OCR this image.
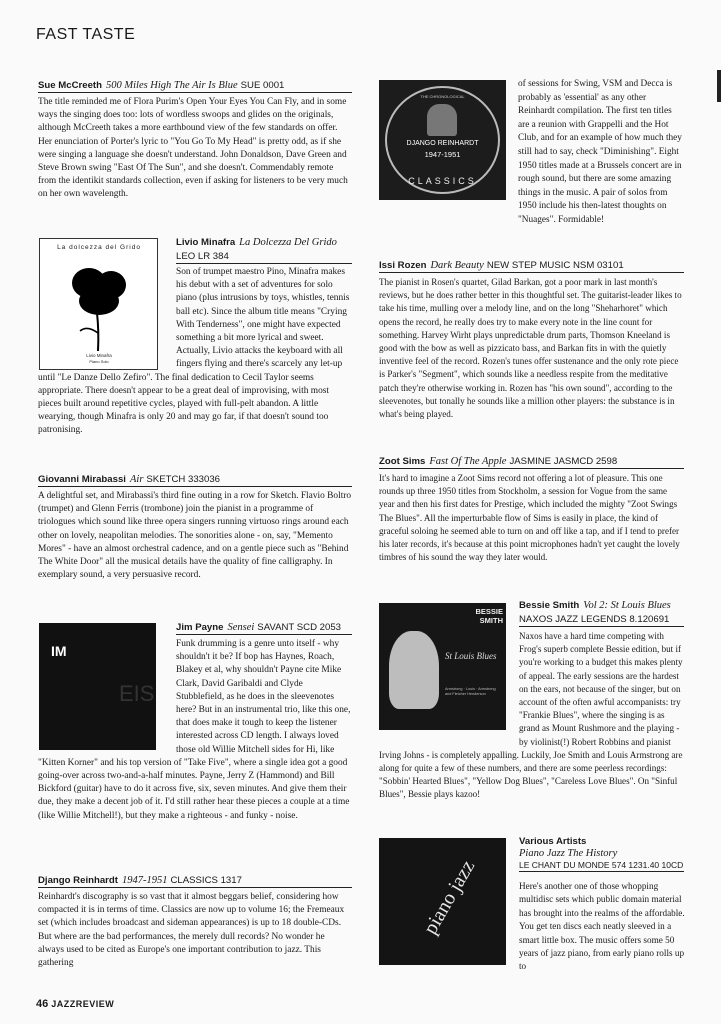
FAST TASTE
Sue McCreeth 500 Miles High The Air Is Blue SUE 0001
The title reminded me of Flora Purim's Open Your Eyes You Can Fly, and in some ways the singing does too: lots of wordless swoops and glides on the originals, although McCreeth takes a more earthbound view of the few standards on offer. Her enunciation of Porter's lyric to "You Go To My Head" is pretty odd, as if she were singing a language she doesn't understand. John Donaldson, Dave Green and Steve Brown swing "East Of The Sun", and she doesn't. Commendably remote from the identikit standards collection, even if asking for listeners to be very much on her own wavelength.
La dolcezza del Grido
Livio Minafra
Piano Solo
Livio Minafra La Dolcezza Del Grido
LEO LR 384
Son of trumpet maestro Pino, Minafra makes his debut with a set of adventures for solo piano (plus intrusions by toys, whistles, tennis ball etc). Since the album title means "Crying With Tenderness", one might have expected something a bit more lyrical and sweet. Actually, Livio attacks the keyboard with all fingers flying and there's scarcely any let-up until "Le Danze Dello Zefiro". The final dedication to Cecil Taylor seems appropriate. There doesn't appear to be a great deal of improvising, with most pieces built around repetitive cycles, played with full-pelt abandon. A little wearying, though Minafra is only 20 and may go far, if that doesn't sound too patronising.
Giovanni Mirabassi Air SKETCH 333036
A delightful set, and Mirabassi's third fine outing in a row for Sketch. Flavio Boltro (trumpet) and Glenn Ferris (trombone) join the pianist in a programme of triologues which sound like three opera singers running virtuoso rings around each other on lovely, neapolitan melodies. The sonorities alone - on, say, "Memento Mores" - have an almost orchestral cadence, and on a gentle piece such as "Behind The White Door" all the musical details have the quality of fine calligraphy. In exemplary sound, a very persuasive record.
IM
EIS
Jim Payne Sensei SAVANT SCD 2053
Funk drumming is a genre unto itself - why shouldn't it be? If bop has Haynes, Roach, Blakey et al, why shouldn't Payne cite Mike Clark, David Garibaldi and Clyde Stubblefield, as he does in the sleevenotes here? But in an instrumental trio, like this one, that does make it tough to keep the listener interested across CD length. I always loved those old Willie Mitchell sides for Hi, like "Kitten Korner" and his top version of "Take Five", where a single idea got a good going-over across two-and-a-half minutes. Payne, Jerry Z (Hammond) and Bill Bickford (guitar) have to do it across five, six, seven minutes. And give them their due, they make a decent job of it. I'd still rather hear these pieces a couple at a time (like Willie Mitchell!), but they make a righteous - and funky - noise.
Django Reinhardt 1947-1951 CLASSICS 1317
Reinhardt's discography is so vast that it almost beggars belief, considering how compacted it is in terms of time. Classics are now up to volume 16; the Fremeaux set (which includes broadcast and sideman appearances) is up to 18 double-CDs. But where are the bad performances, the merely dull records? No wonder he always used to be cited as Europe's one important contribution to jazz. This gathering
THE CHRONOLOGICAL
DJANGO REINHARDT
1947-1951
CLASSICS
of sessions for Swing, VSM and Decca is probably as 'essential' as any other Reinhardt compilation. The first ten titles are a reunion with Grappelli and the Hot Club, and for an example of how much they still had to say, check "Diminishing". Eight 1950 titles made at a Brussels concert are in rough sound, but there are some amazing things in the music. A pair of solos from 1950 include his then-latest thoughts on "Nuages". Formidable!
Issi Rozen Dark Beauty NEW STEP MUSIC NSM 03101
The pianist in Rosen's quartet, Gilad Barkan, got a poor mark in last month's reviews, but he does rather better in this thoughtful set. The guitarist-leader likes to take his time, mulling over a melody line, and on the long "Sheharhoret" which opens the record, he really does try to make every note in the line count for something. Harvey Wirht plays unpredictable drum parts, Thomson Kneeland is good with the bow as well as pizzicato bass, and Barkan fits in with the quietly inventive feel of the record. Rozen's tunes offer sustenance and the only rote piece is Parker's "Segment", which sounds like a needless respite from the meditative patch they're otherwise working in. Rozen has "his own sound", according to the sleevenotes, but tonally he sounds like a million other players: the substance is in what's being played.
Zoot Sims Fast Of The Apple JASMINE JASMCD 2598
It's hard to imagine a Zoot Sims record not offering a lot of pleasure. This one rounds up three 1950 titles from Stockholm, a session for Vogue from the same year and then his first dates for Prestige, which included the mighty "Zoot Swings The Blues". All the imperturbable flow of Sims is easily in place, the kind of graceful soloing he seemed able to turn on and off like a tap, and if I tend to prefer his later records, it's because at this point microphones hadn't yet caught the lovely timbres of his sound the way they later would.
BESSIE SMITH
St Louis Blues
Armstrong · Louis · Armstrong and Fletcher Henderson
Bessie Smith Vol 2: St Louis Blues
NAXOS JAZZ LEGENDS 8.120691
Naxos have a hard time competing with Frog's superb complete Bessie edition, but if you're working to a budget this makes plenty of appeal. The early sessions are the hardest on the ears, not because of the singer, but on account of the often awful accompanists: try "Frankie Blues", where the singing is as grand as Mount Rushmore and the playing - by violinist(!) Robert Robbins and pianist Irving Johns - is completely appalling. Luckily, Joe Smith and Louis Armstrong are along for quite a few of these numbers, and there are some peerless recordings: "Sobbin' Hearted Blues", "Yellow Dog Blues", "Careless Love Blues". On "Sinful Blues", Bessie plays kazoo!
piano jazz
Various Artists
Piano Jazz The History
LE CHANT DU MONDE 574 1231.40 10CD
Here's another one of those whopping multidisc sets which public domain material has brought into the realms of the affordable. You get ten discs each neatly sleeved in a smart little box. The music offers some 50 years of jazz piano, from early piano rolls up to
46 JAZZREVIEW
